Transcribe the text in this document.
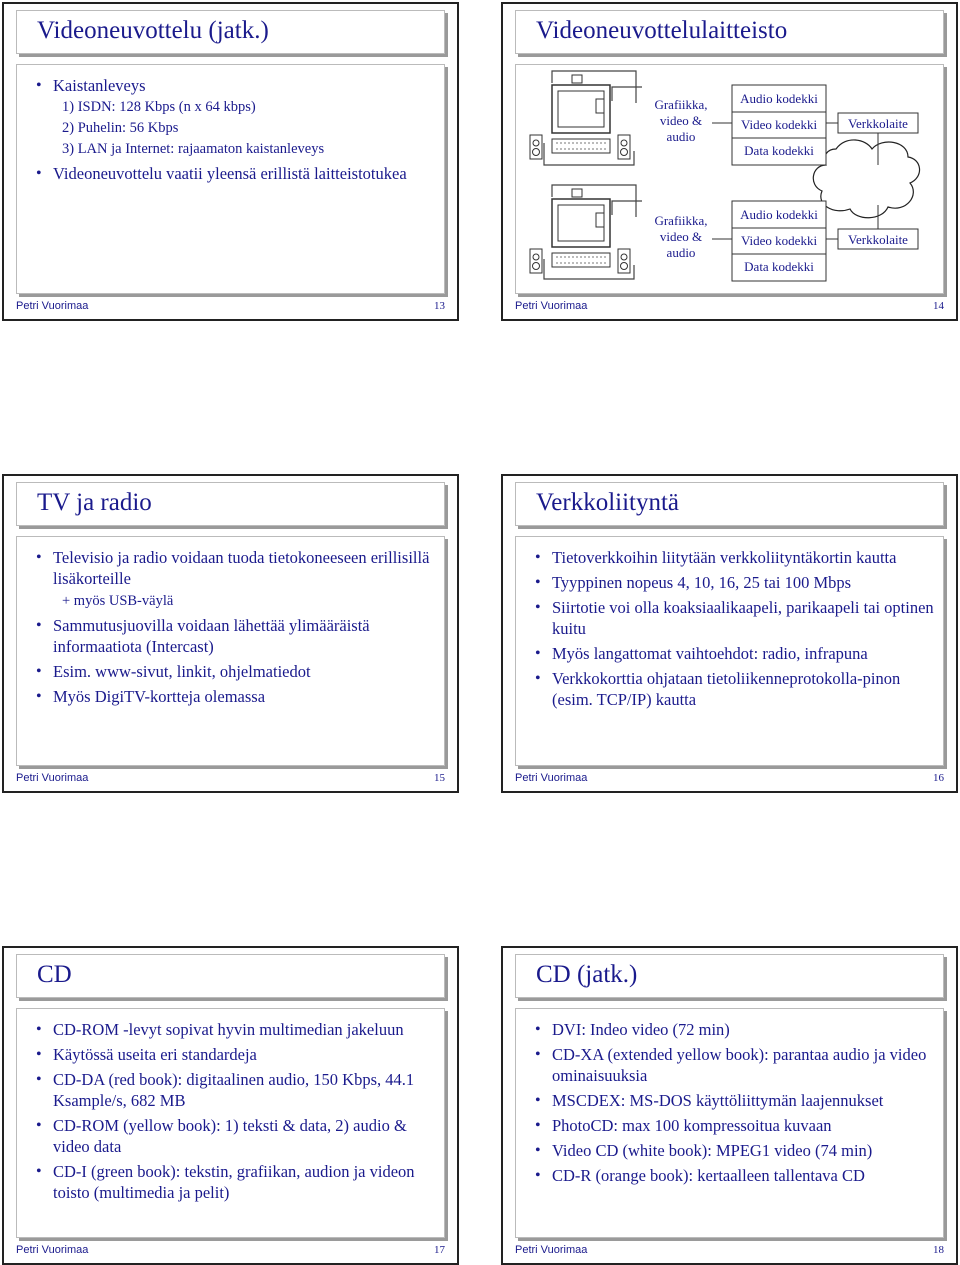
Videoneuvottelu (jatk.)
• Kaistanleveys
1) ISDN: 128 Kbps (n x 64 kbps)
2) Puhelin: 56 Kbps
3) LAN ja Internet: rajaamaton kaistanleveys
• Videoneuvottelu vaatii yleensä erillistä laitteistotukea
Petri Vuorimaa	13
Videoneuvottelulaitteisto
Grafiikka,
video &
audio
Audio kodekki
Video kodekki
Data kodekki
Verkkolaite
Grafiikka,
video &
audio
Audio kodekki
Video kodekki
Data kodekki
Verkkolaite
Petri Vuorimaa	14
TV ja radio
• Televisio ja radio voidaan tuoda tietokoneeseen erillisillä lisäkorteille
+ myös USB-väylä
• Sammutusjuovilla voidaan lähettää ylimääräistä informaatiota (Intercast)
• Esim. www-sivut, linkit, ohjelmatiedot
• Myös DigiTV-kortteja olemassa
Petri Vuorimaa	15
Verkkoliityntä
• Tietoverkkoihin liitytään verkkoliityntäkortin kautta
• Tyyppinen nopeus 4, 10, 16, 25 tai 100 Mbps
• Siirtotie voi olla koaksiaalikaapeli, parikaapeli tai optinen kuitu
• Myös langattomat vaihtoehdot: radio, infrapuna
• Verkkokorttia ohjataan tietoliikenneprotokolla-pinon (esim. TCP/IP) kautta
Petri Vuorimaa	16
CD
• CD-ROM -levyt sopivat hyvin multimedian jakeluun
• Käytössä useita eri standardeja
• CD-DA (red book): digitaalinen audio, 150 Kbps, 44.1 Ksample/s, 682 MB
• CD-ROM (yellow book): 1) teksti & data, 2) audio & video data
• CD-I (green book): tekstin, grafiikan, audion ja videon toisto (multimedia ja pelit)
Petri Vuorimaa	17
CD (jatk.)
• DVI: Indeo video (72 min)
• CD-XA (extended yellow book): parantaa audio ja video ominaisuuksia
• MSCDEX: MS-DOS käyttöliittymän laajennukset
• PhotoCD: max 100 kompressoitua kuvaan
• Video CD (white book): MPEG1 video (74 min)
• CD-R (orange book): kertaalleen tallentava CD
Petri Vuorimaa	18
